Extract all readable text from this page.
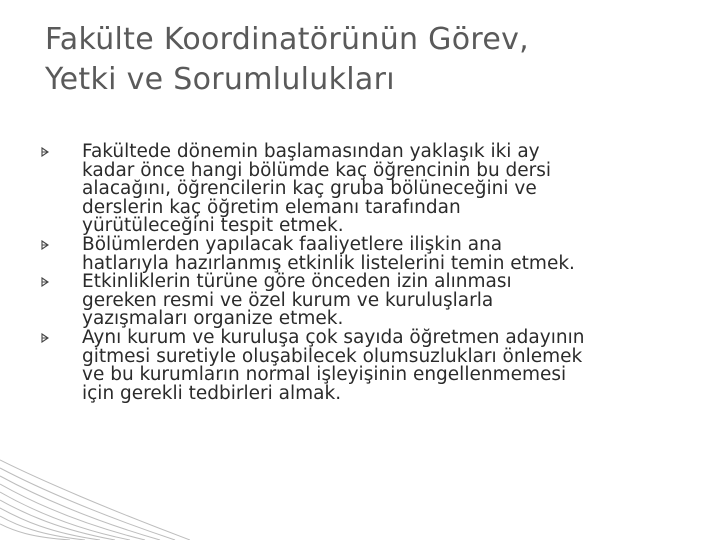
Fakülte Koordinatörünün Görev,
Yetki ve Sorumlulukları
Fakültede dönemin başlamasından yaklaşık iki ay
kadar önce hangi bölümde kaç öğrencinin bu dersi
alacağını, öğrencilerin kaç gruba bölüneceğini ve
derslerin kaç öğretim elemanı tarafından
yürütüleceğini tespit etmek.
Bölümlerden yapılacak faaliyetlere ilişkin ana
hatlarıyla hazırlanmış etkinlik listelerini temin etmek.
Etkinliklerin türüne göre önceden izin alınması
gereken resmi ve özel kurum ve kuruluşlarla
yazışmaları organize etmek.
Aynı kurum ve kuruluşa çok sayıda öğretmen adayının
gitmesi suretiyle oluşabilecek olumsuzlukları önlemek
ve bu kurumların normal işleyişinin engellenmemesi
için gerekli tedbirleri almak.
